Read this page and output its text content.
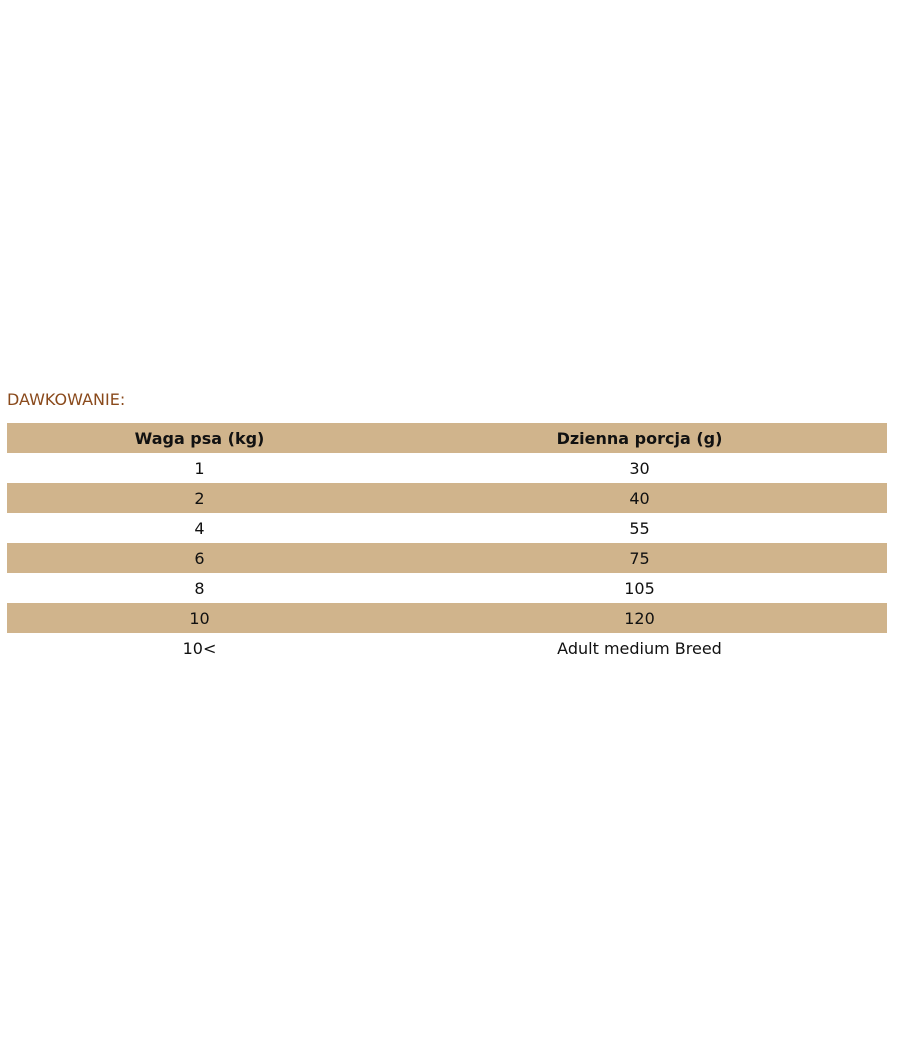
DAWKOWANIE:
Waga psa (kg)	Dzienna porcja (g)
1	30
2	40
4	55
6	75
8	105
10	120
10<	Adult medium Breed
